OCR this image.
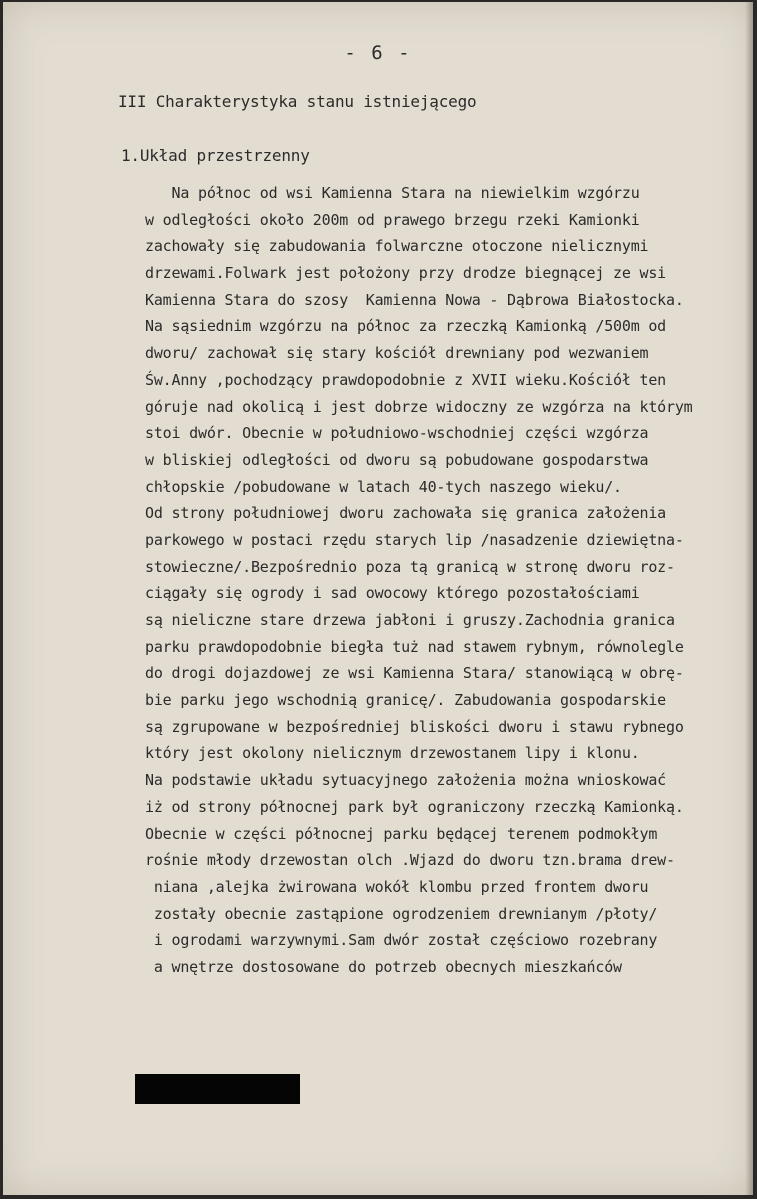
- 6 -

III Charakterystyka stanu istniejącego

1.Układ przestrzenny

Na północ od wsi Kamienna Stara na niewielkim wzgórzu
w odległości około 200m od prawego brzegu rzeki Kamionki
zachowały się zabudowania folwarczne otoczone nielicznymi
drzewami.Folwark jest położony przy drodze biegnącej ze wsi
Kamienna Stara do szosy  Kamienna Nowa - Dąbrowa Białostocka.
Na sąsiednim wzgórzu na północ za rzeczką Kamionką /500m od
dworu/ zachował się stary kościół drewniany pod wezwaniem
Św.Anny ,pochodzący prawdopodobnie z XVII wieku.Kościół ten
góruje nad okolicą i jest dobrze widoczny ze wzgórza na którym
stoi dwór. Obecnie w południowo-wschodniej części wzgórza
w bliskiej odległości od dworu są pobudowane gospodarstwa
chłopskie /pobudowane w latach 40-tych naszego wieku/.
Od strony południowej dworu zachowała się granica założenia
parkowego w postaci rzędu starych lip /nasadzenie dziewiętna-
stowieczne/.Bezpośrednio poza tą granicą w stronę dworu roz-
ciągały się ogrody i sad owocowy którego pozostałościami
są nieliczne stare drzewa jabłoni i gruszy.Zachodnia granica
parku prawdopodobnie biegła tuż nad stawem rybnym, równolegle
do drogi dojazdowej ze wsi Kamienna Stara/ stanowiącą w obrę-
bie parku jego wschodnią granicę/. Zabudowania gospodarskie
są zgrupowane w bezpośredniej bliskości dworu i stawu rybnego
który jest okolony nielicznym drzewostanem lipy i klonu.
Na podstawie układu sytuacyjnego założenia można wnioskować
iż od strony północnej park był ograniczony rzeczką Kamionką.
Obecnie w części północnej parku będącej terenem podmokłym
rośnie młody drzewostan olch .Wjazd do dworu tzn.brama drew-
niana ,alejka żwirowana wokół klombu przed frontem dworu
zostały obecnie zastąpione ogrodzeniem drewnianym /płoty/
i ogrodami warzywnymi.Sam dwór został częściowo rozebrany
a wnętrze dostosowane do potrzeb obecnych mieszkańców
